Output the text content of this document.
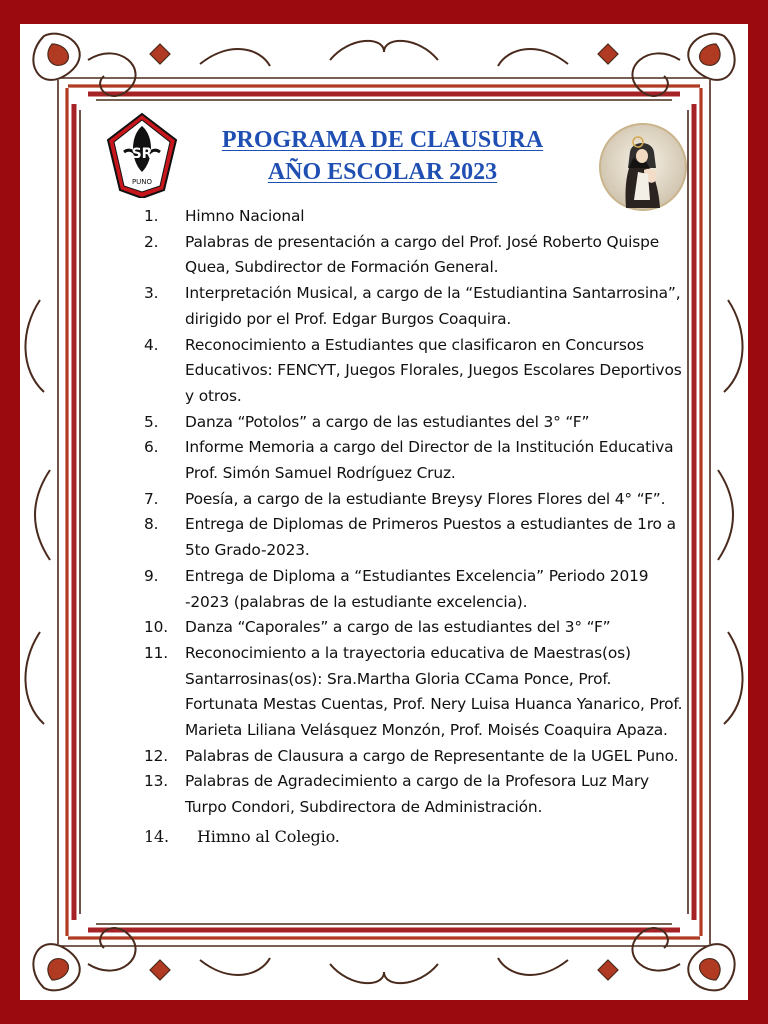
SR
PUNO
PROGRAMA DE CLAUSURA
AÑO ESCOLAR 2023
1.	Himno Nacional
2.	Palabras de presentación a cargo del Prof. José Roberto Quispe Quea, Subdirector de Formación General.
3.	Interpretación Musical, a cargo de la “Estudiantina Santarrosina”, dirigido por el Prof. Edgar Burgos Coaquira.
4.	Reconocimiento a Estudiantes que clasificaron en Concursos Educativos: FENCYT, Juegos Florales, Juegos Escolares Deportivos y otros.
5.	Danza “Potolos” a cargo de las estudiantes del 3° “F”
6.	Informe Memoria a cargo del Director de la Institución Educativa Prof. Simón Samuel Rodríguez Cruz.
7.	Poesía, a cargo de la estudiante Breysy Flores Flores del 4° “F”.
8.	Entrega de Diplomas de Primeros Puestos a estudiantes de 1ro a 5to Grado-2023.
9.	Entrega de Diploma a “Estudiantes Excelencia” Periodo 2019 -2023 (palabras de la estudiante excelencia).
10.	Danza “Caporales” a cargo de las estudiantes del 3° “F”
11.	Reconocimiento a la trayectoria educativa de Maestras(os) Santarrosinas(os): Sra.Martha Gloria CCama Ponce, Prof. Fortunata Mestas Cuentas, Prof. Nery Luisa Huanca Yanarico, Prof. Marieta Liliana Velásquez Monzón, Prof. Moisés Coaquira Apaza.
12.	Palabras de Clausura a cargo de Representante de la UGEL Puno.
13.	Palabras de Agradecimiento a cargo de la Profesora Luz Mary Turpo Condori, Subdirectora de Administración.
14.	Himno al Colegio.
